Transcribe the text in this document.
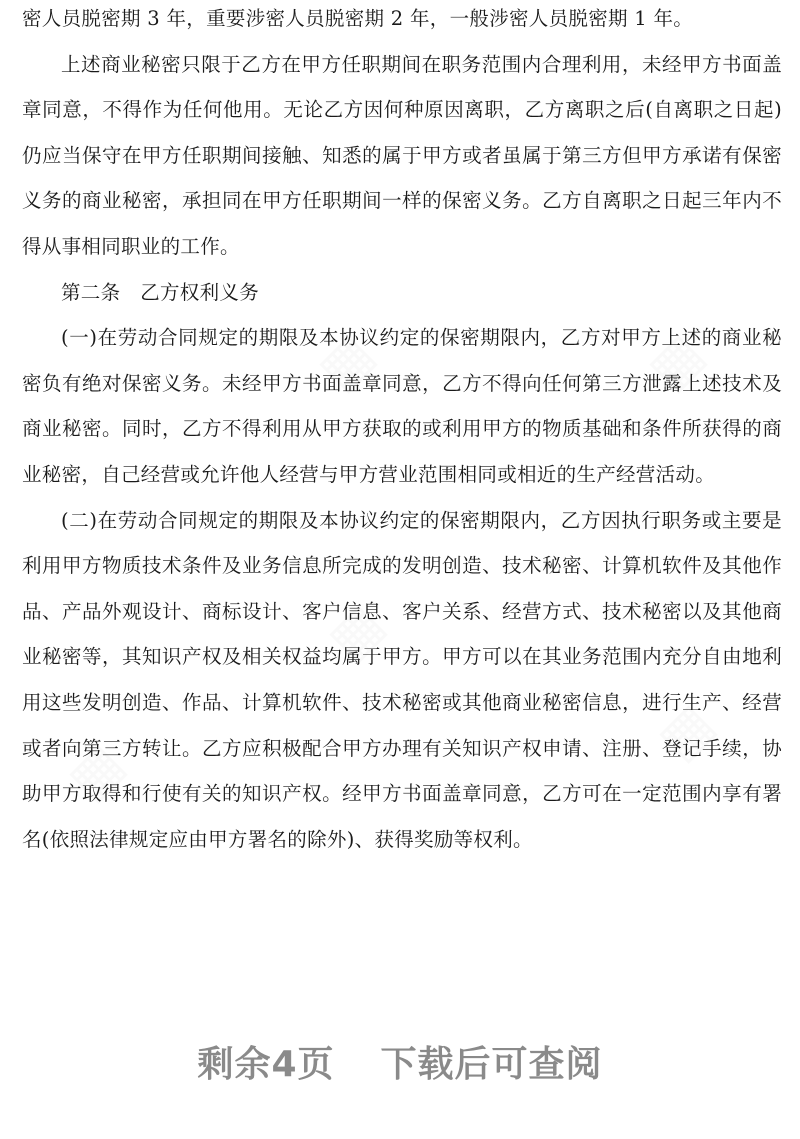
密人员脱密期 3 年，重要涉密人员脱密期 2 年，一般涉密人员脱密期 1 年。

上述商业秘密只限于乙方在甲方任职期间在职务范围内合理利用，未经甲方书面盖章同意，不得作为任何他用。无论乙方因何种原因离职，乙方离职之后(自离职之日起)仍应当保守在甲方任职期间接触、知悉的属于甲方或者虽属于第三方但甲方承诺有保密义务的商业秘密，承担同在甲方任职期间一样的保密义务。乙方自离职之日起三年内不得从事相同职业的工作。

第二条　乙方权利义务

(一)在劳动合同规定的期限及本协议约定的保密期限内，乙方对甲方上述的商业秘密负有绝对保密义务。未经甲方书面盖章同意，乙方不得向任何第三方泄露上述技术及商业秘密。同时，乙方不得利用从甲方获取的或利用甲方的物质基础和条件所获得的商业秘密，自己经营或允许他人经营与甲方营业范围相同或相近的生产经营活动。

(二)在劳动合同规定的期限及本协议约定的保密期限内，乙方因执行职务或主要是利用甲方物质技术条件及业务信息所完成的发明创造、技术秘密、计算机软件及其他作品、产品外观设计、商标设计、客户信息、客户关系、经营方式、技术秘密以及其他商业秘密等，其知识产权及相关权益均属于甲方。甲方可以在其业务范围内充分自由地利用这些发明创造、作品、计算机软件、技术秘密或其他商业秘密信息，进行生产、经营或者向第三方转让。乙方应积极配合甲方办理有关知识产权申请、注册、登记手续，协助甲方取得和行使有关的知识产权。经甲方书面盖章同意，乙方可在一定范围内享有署名(依照法律规定应由甲方署名的除外)、获得奖励等权利。

剩余4页 下载后可查阅
